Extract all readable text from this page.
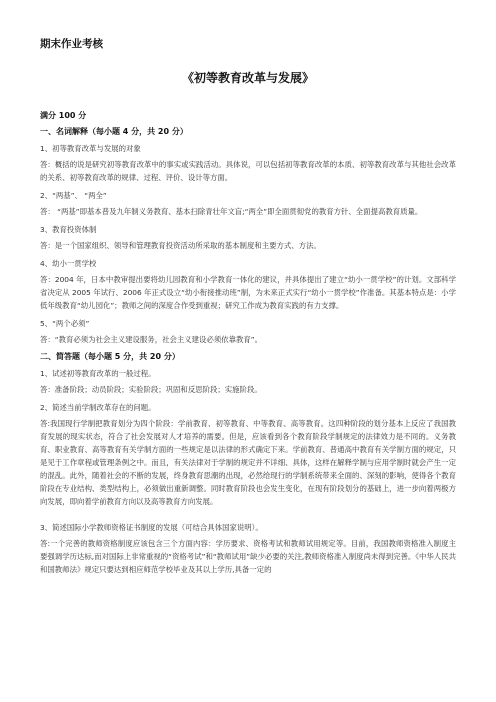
期末作业考核
《初等教育改革与发展》
满分 100 分
一、名词解释（每小题 4 分，共 20 分）
1、初等教育改革与发展的对象
答：概括的说是研究初等教育改革中的事实或实践活动。具体说，可以包括初等教育改革的本质、初等教育改革与其他社会改革的关系、初等教育改革的规律、过程、评价、设计等方面。
2、“两基”、 “两全”
答： “两基”即基本普及九年制义务教育、基本扫除青壮年文盲;“两全”即全面贯彻党的教育方针、全面提高教育质量。
3、教育投资体制
答：是一个国家组织、领导和管理教育投资活动所采取的基本制度和主要方式、方法。
4、幼小一贯学校
答：2004 年，日本中教审提出要将幼儿园教育和小学教育一体化的建议，并具体提出了建立“幼小一贯学校”的计划。文部科学省决定从 2005 年试行、2006 年正式设立“幼小衔接推动班”制，为未来正式实行“幼小一贯学校”作准备。其基本特点是：小学低年级教育“幼儿园化”；教师之间的深度合作受到重视；研究工作成为教育实践的有力支撑。
5、“两个必须”
答：“教育必须为社会主义建设服务，社会主义建设必须依靠教育”。
二、简答题（每小题 5 分，共 20 分）
1、试述初等教育改革的一般过程。
答：准备阶段；动员阶段；实验阶段；巩固和反思阶段；实施阶段。
2、简述当前学制改革存在的问题。
答:我国现行学制把教育划分为四个阶段：学前教育、初等教育、中等教育、高等教育。这四种阶段的划分基本上反应了我国教育发展的现实状态，符合了社会发展对人才培养的需要。但是，应该看到各个教育阶段学制规定的法律效力是不同的。义务教育、职业教育、高等教育有关学制方面的一些规定是以法律的形式确定下来。学前教育、普通高中教育有关学制方面的规定，只是见于工作章程或管理条例之中。而且，有关法律对于学制的规定并不详细、具体，这样在解释学制与应用学制时就会产生一定的混乱。此外，随着社会的不断的发展，终身教育思潮的出现，必然给现行的学制系统带来全面的、深刻的影响，使得各个教育阶段在专业结构、类型结构上，必须做出重新调整。同时教育阶段也会发生变化，在现有阶段划分的基础上，进一步向着两极方向发展，即向着学前教育方向以及高等教育方向发展。
3、简述国际小学教师资格证书制度的发展（可结合具体国家说明）。
答:一个完善的教师资格制度应该包含三个方面内容：学历要求、资格考试和教师试用规定等。目前，我国教师资格准入制度主要强调学历达标,而对国际上非常重视的“资格考试”和“教师试用”缺少必要的关注,教师资格准入制度尚未得到完善。《中华人民共和国教师法》规定只要达到相应师范学校毕业及其以上学历,具备一定的
